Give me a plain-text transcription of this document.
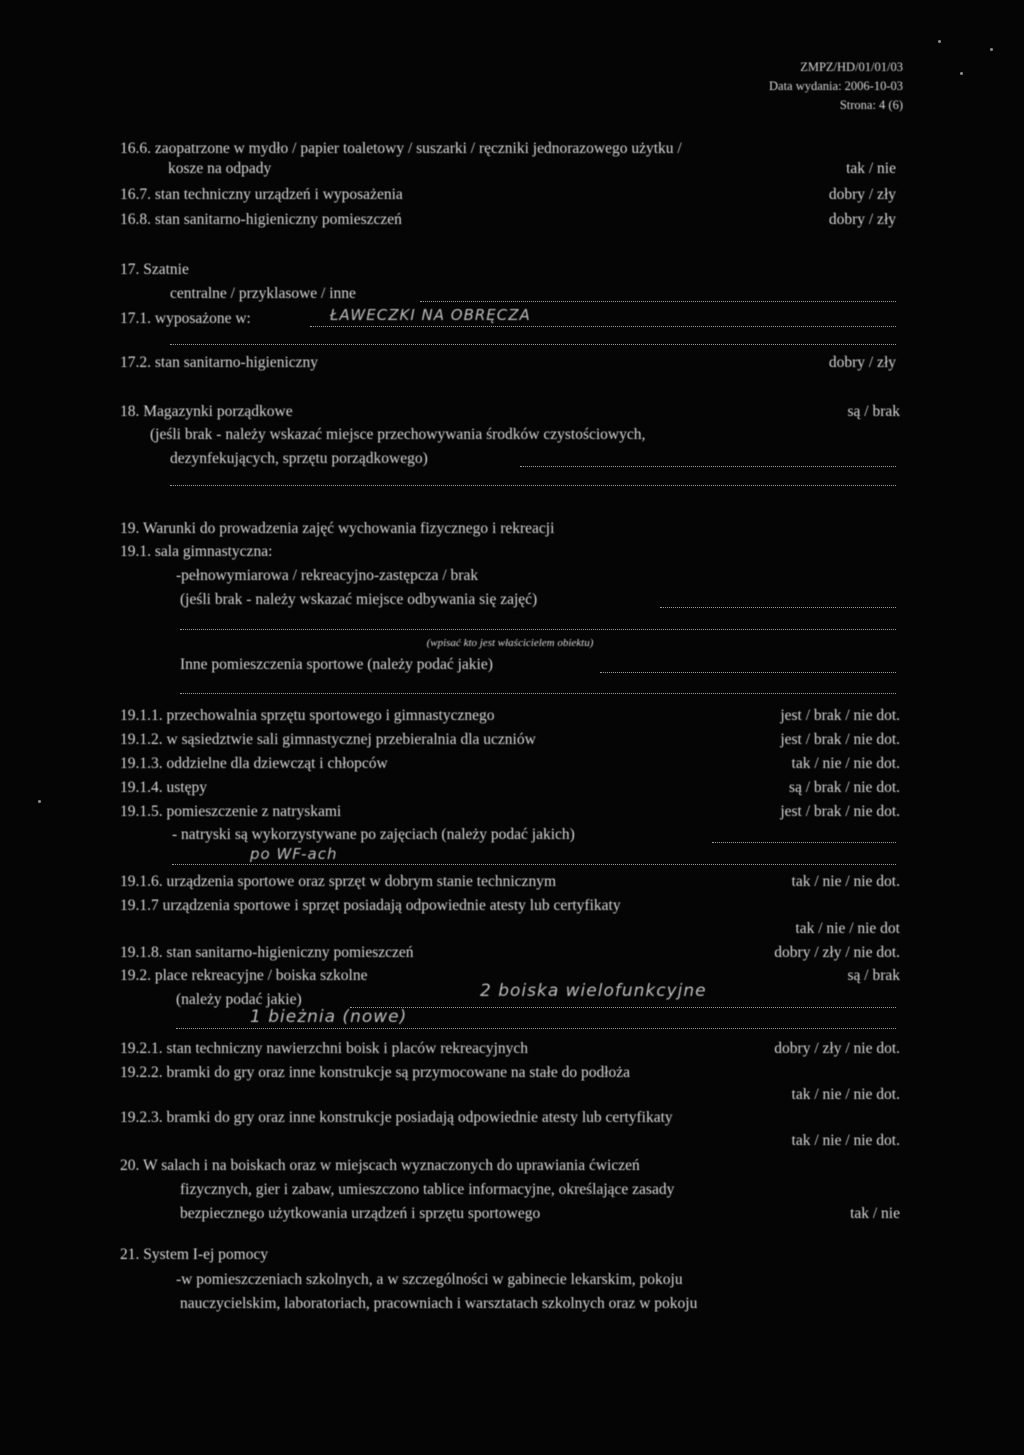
ZMPZ/HD/01/01/03
Data wydania: 2006-10-03
Strona: 4 (6)
16.6. zaopatrzone w mydło / papier toaletowy / suszarki / ręczniki jednorazowego użytku /
kosze na odpady	tak / nie
16.7. stan techniczny urządzeń i wyposażenia	dobry / zły
16.8. stan sanitarno-higieniczny pomieszczeń	dobry / zły
17. Szatnie
centralne / przyklasowe / inne
17.1. wyposażone w:	ŁAWECZKI NA OBRĘCZA
17.2. stan sanitarno-higieniczny	dobry / zły
18. Magazynki porządkowe	są / brak
(jeśli brak - należy wskazać miejsce przechowywania środków czystościowych,
dezynfekujących, sprzętu porządkowego)
19. Warunki do prowadzenia zajęć wychowania fizycznego i rekreacji
19.1. sala gimnastyczna:
-pełnowymiarowa / rekreacyjno-zastępcza / brak
(jeśli brak - należy wskazać miejsce odbywania się zajęć)
(wpisać kto jest właścicielem obiektu)
Inne pomieszczenia sportowe (należy podać jakie)
19.1.1. przechowalnia sprzętu sportowego i gimnastycznego	jest / brak / nie dot.
19.1.2. w sąsiedztwie sali gimnastycznej przebieralnia dla uczniów	jest / brak / nie dot.
19.1.3. oddzielne dla dziewcząt i chłopców	tak / nie / nie dot.
19.1.4. ustępy	są / brak / nie dot.
19.1.5. pomieszczenie z natryskami	jest / brak / nie dot.
- natryski są wykorzystywane po zajęciach (należy podać jakich)
po WF-ach
19.1.6. urządzenia sportowe oraz sprzęt w dobrym stanie technicznym	tak / nie / nie dot.
19.1.7 urządzenia sportowe i sprzęt posiadają odpowiednie atesty lub certyfikaty
tak / nie / nie dot
19.1.8. stan sanitarno-higieniczny pomieszczeń	dobry / zły / nie dot.
19.2. place rekreacyjne / boiska szkolne	są / brak
(należy podać jakie)	2 boiska wielofunkcyjne
1 bieżnia (nowe)
19.2.1. stan techniczny nawierzchni boisk i placów rekreacyjnych	dobry / zły / nie dot.
19.2.2. bramki do gry oraz inne konstrukcje są przymocowane na stałe do podłoża
tak / nie / nie dot.
19.2.3. bramki do gry oraz inne konstrukcje posiadają odpowiednie atesty lub certyfikaty
tak / nie / nie dot.
20. W salach i na boiskach oraz w miejscach wyznaczonych do uprawiania ćwiczeń
fizycznych, gier i zabaw, umieszczono tablice informacyjne, określające zasady
bezpiecznego użytkowania urządzeń i sprzętu sportowego	tak / nie
21. System I-ej pomocy
-w pomieszczeniach szkolnych, a w szczególności w gabinecie lekarskim, pokoju
nauczycielskim, laboratoriach, pracowniach i warsztatach szkolnych oraz w pokoju
